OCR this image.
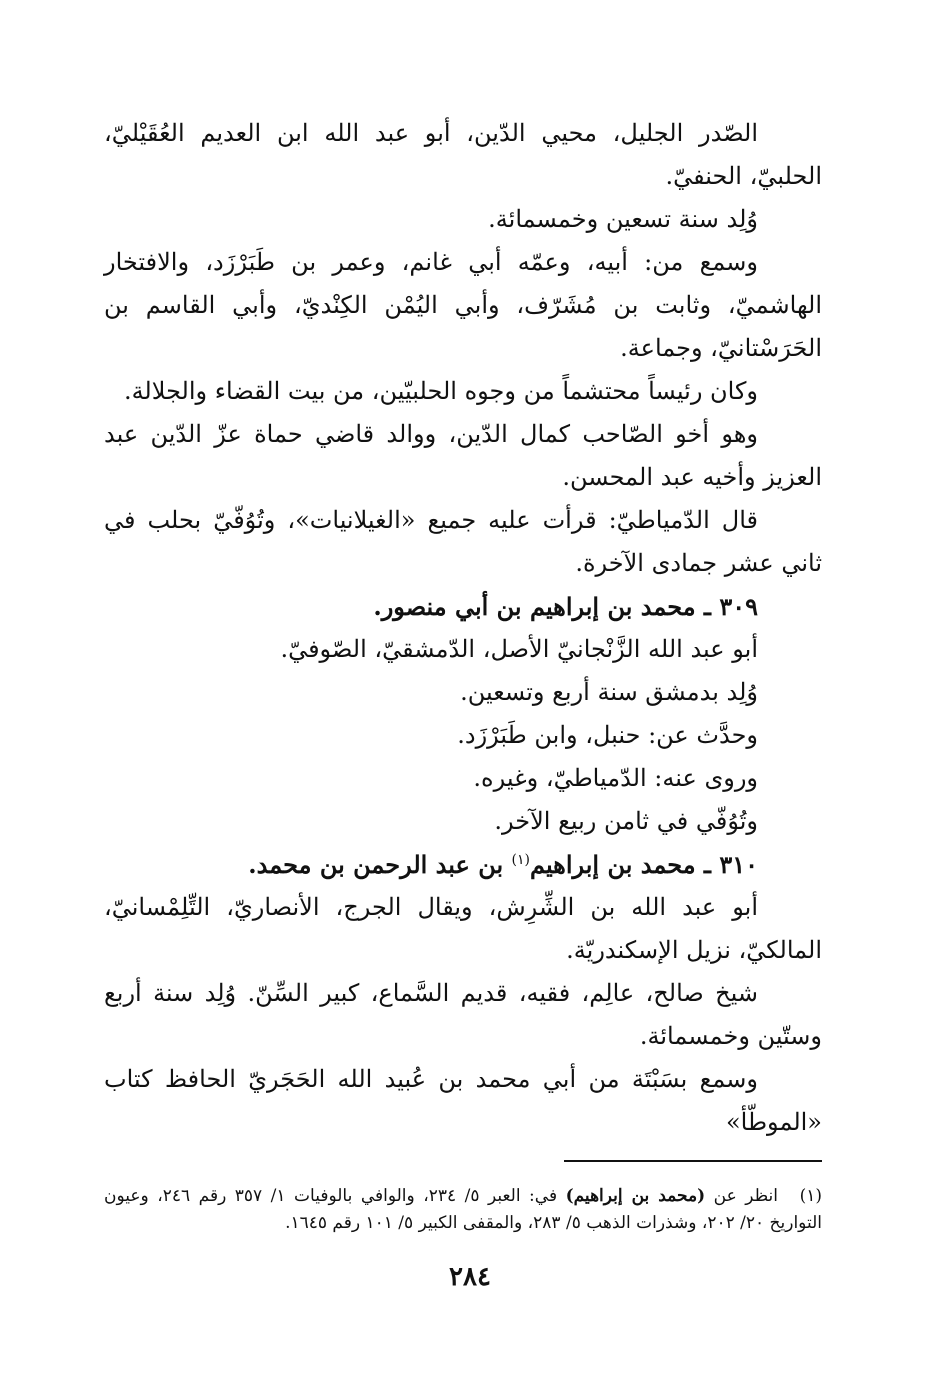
الصّدر الجليل، محيي الدّين، أبو عبد الله ابن العديم العُقَيْليّ، الحلبيّ، الحنفيّ.

وُلِد سنة تسعين وخمسمائة.

وسمع من: أبيه، وعمّه أبي غانم، وعمر بن طَبَرْزَد، والافتخار الهاشميّ، وثابت بن مُشَرّف، وأبي اليُمْن الكِنْديّ، وأبي القاسم بن الحَرَسْتانيّ، وجماعة.

وكان رئيساً محتشماً من وجوه الحلبيّين، من بيت القضاء والجلالة.

وهو أخو الصّاحب كمال الدّين، ووالد قاضي حماة عزّ الدّين عبد العزيز وأخيه عبد المحسن.

قال الدّمياطيّ: قرأت عليه جميع «الغيلانيات»، وتُوُفّيّ بحلب في ثاني عشر جمادى الآخرة.

٣٠٩ ـ محمد بن إبراهيم بن أبي منصور.

أبو عبد الله الزَّنْجانيّ الأصل، الدّمشقيّ، الصّوفيّ.

وُلِد بدمشق سنة أربع وتسعين.

وحدَّث عن: حنبل، وابن طَبَرْزَد.

وروى عنه: الدّمياطيّ، وغيره.

وتُوُفّي في ثامن ربيع الآخر.

٣١٠ ـ محمد بن إبراهيم$^{(١)}$ بن عبد الرحمن بن محمد.

أبو عبد الله بن الشِّرِش، ويقال الجرج، الأنصاريّ، التِّلِمْسانيّ، المالكيّ، نزيل الإسكندريّة.

شيخ صالح، عالِم، فقيه، قديم السَّماع، كبير السِّنّ. وُلِد سنة أربع وستّين وخمسمائة.

وسمع بسَبْتَة من أبي محمد بن عُبيد الله الحَجَريّ الحافظ كتاب «الموطّأ»

(١)انظر عن (محمد بن إبراهيم) في: العبر ٥/ ٢٣٤، والوافي بالوفيات ١/ ٣٥٧ رقم ٢٤٦، وعيون التواريخ ٢٠/ ٢٠٢، وشذرات الذهب ٥/ ٢٨٣، والمقفى الكبير ٥/ ١٠١ رقم ١٦٤٥.
٢٨٤
